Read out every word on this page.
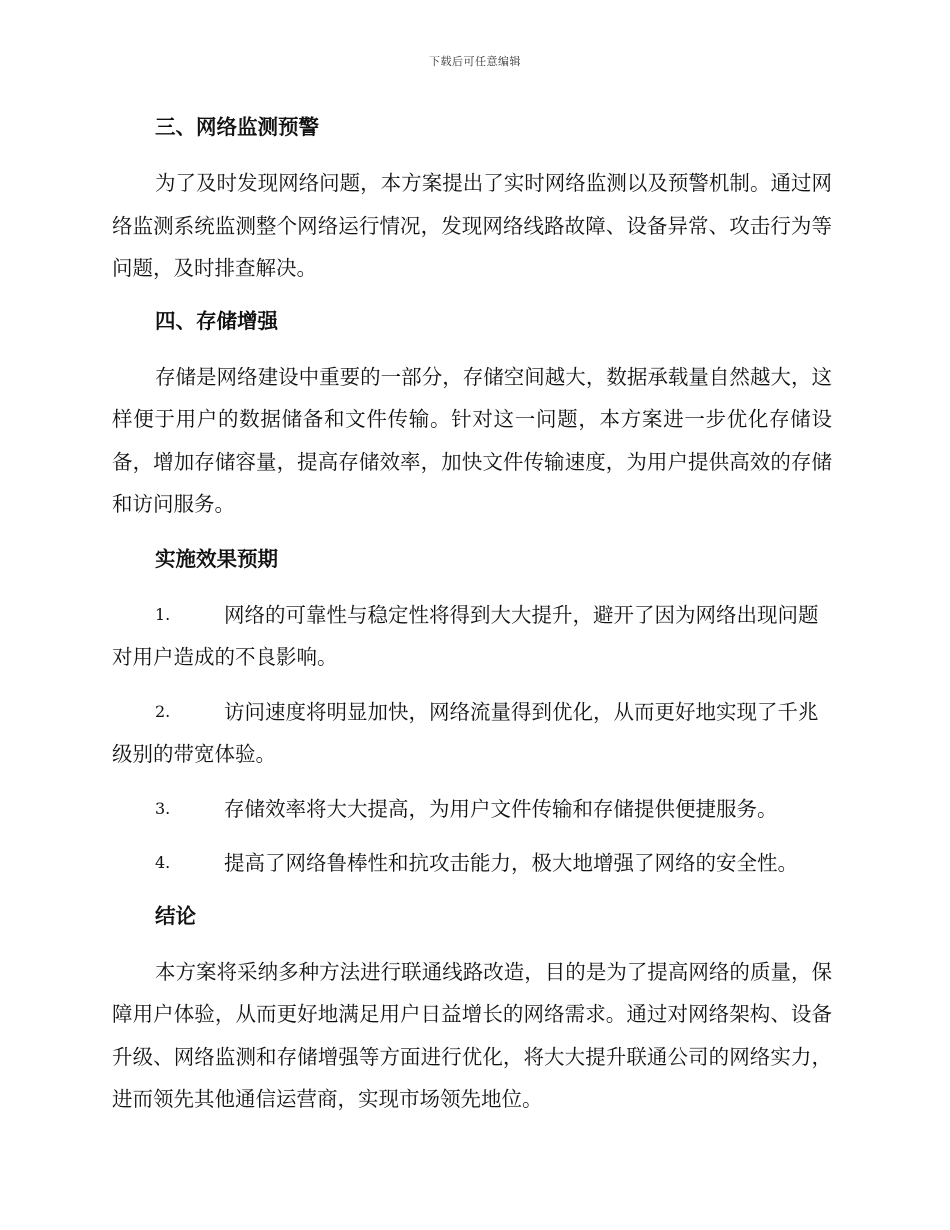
下载后可任意编辑
三、网络监测预警

为了及时发现网络问题，本方案提出了实时网络监测以及预警机制。通过网络监测系统监测整个网络运行情况，发现网络线路故障、设备异常、攻击行为等问题，及时排查解决。

四、存储增强

存储是网络建设中重要的一部分，存储空间越大，数据承载量自然越大，这样便于用户的数据储备和文件传输。针对这一问题，本方案进一步优化存储设备，增加存储容量，提高存储效率，加快文件传输速度，为用户提供高效的存储和访问服务。

实施效果预期
1.	网络的可靠性与稳定性将得到大大提升，避开了因为网络出现问题对用户造成的不良影响。
2.	访问速度将明显加快，网络流量得到优化，从而更好地实现了千兆级别的带宽体验。
3.	存储效率将大大提高，为用户文件传输和存储提供便捷服务。
4.	提高了网络鲁棒性和抗攻击能力，极大地增强了网络的安全性。
结论

本方案将采纳多种方法进行联通线路改造，目的是为了提高网络的质量，保障用户体验，从而更好地满足用户日益增长的网络需求。通过对网络架构、设备升级、网络监测和存储增强等方面进行优化，将大大提升联通公司的网络实力，进而领先其他通信运营商，实现市场领先地位。
